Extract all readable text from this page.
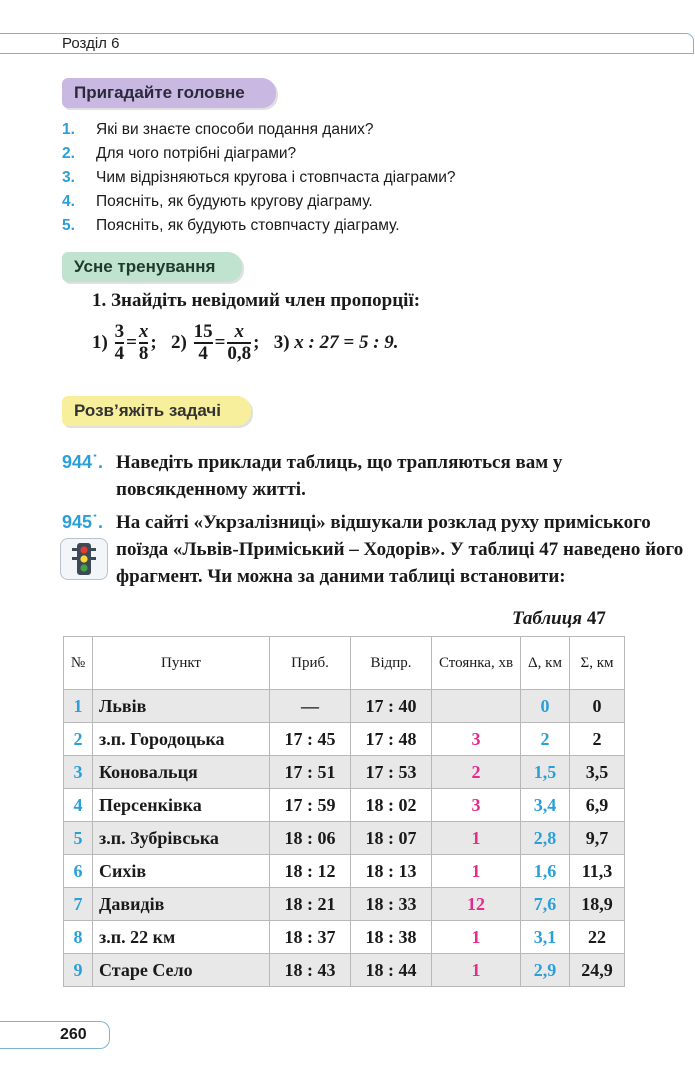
Розділ 6
Пригадайте головне
1.	Які ви знаєте способи подання даних?
2.	Для чого потрібні діаграми?
3.	Чим відрізняються кругова і стовпчаста діаграми?
4.	Поясніть, як будують кругову діаграму.
5.	Поясніть, як будують стовпчасту діаграму.
Усне тренування
1. Знайдіть невідомий член пропорції:
1)
$\frac{3}{4} = \frac{x}{8}$ ; 2)
$\frac{15}{4} = \frac{x}{0,8}$ ; 3)
x : 27 = 5 : 9.
Розв’яжіть задачі
944˙. Наведіть приклади таблиць, що трапляються вам у повсякденному житті.
945˙. На сайті «Укрзалізниці» відшукали розклад руху приміського поїзда «Львів-Приміський – Ходорів». У таблиці 47 наведено його фрагмент. Чи можна за даними таблиці встановити:
Таблиця 47
№	Пункт	Приб.	Відпр.	Стоянка, хв	Δ, км	Σ, км
1	Львів	—	17 : 40		0	0
2	з.п. Городоцька	17 : 45	17 : 48	3	2	2
3	Коновальця	17 : 51	17 : 53	2	1,5	3,5
4	Персенківка	17 : 59	18 : 02	3	3,4	6,9
5	з.п. Зубрівська	18 : 06	18 : 07	1	2,8	9,7
6	Сихів	18 : 12	18 : 13	1	1,6	11,3
7	Давидів	18 : 21	18 : 33	12	7,6	18,9
8	з.п. 22 км	18 : 37	18 : 38	1	3,1	22
9	Старе Село	18 : 43	18 : 44	1	2,9	24,9
260
